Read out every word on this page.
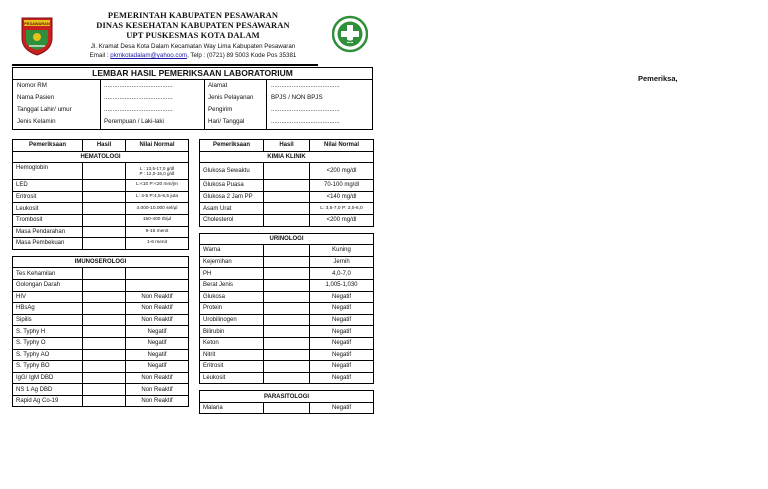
PESAWARAN
PEMERINTAH KABUPATEN PESAWARAN
DINAS KESEHATAN KABUPATEN PESAWARAN
UPT PUSKESMAS KOTA DALAM
Jl. Kramat Desa Kota Dalam Kecamatan Way Lima Kabupaten Pesawaran
Email : pkmkotadalam@yahoo.com, Telp : (0721) 89 5003 Kode Pos 35381
Pemeriksa,
LEMBAR HASIL PEMERIKSAAN LABORATORIUM
Nomor RM	........................................	Alamat	........................................
Nama Pasien	........................................	Jenis Pelayanan	BPJS / NON BPJS
Tanggal Lahir/ umur	........................................	Pengirim	........................................
Jenis Kelamin	Perempuan / Laki-laki	Hari/ Tanggal	........................................
Pemeriksaan	Hasil	Nilai Normal
HEMATOLOGI		
Hemoglobin		L : 13,5-17,0 g/dl
P : 12,0-15,0 g/dl
LED		L:<10 P:<20 mm/jm
Eritrosit		L: 4-5 P:4,5-5,5 juta
Leukosit		4.000-10.000 sel/µl
Trombosit		150-400 rb/µl
Masa Pendarahan		9-15 menit
Masa Pembekuan		1-6 menit

IMUNOSEROLOGI		
Tes Kehamilan		
Golongan Darah		
HIV		Non Reaktif
HBsAg		Non Reaktif
Sipilis		Non Reaktif
S. Typhy H		Negatif
S. Typhy O		Negatif
S. Typhy AO		Negatif
S. Typhy BO		Negatif
IgG/ IgM DBD		Non Reaktif
NS 1 Ag DBD		Non Reaktif
Rapid Ag Co-19		Non Reaktif
Pemeriksaan	Hasil	Nilai Normal
KIMIA KLINIK		
Glukosa Sewaktu		<200 mg/dl
Glukosa Puasa		70-100 mg/dl
Glukosa 2 Jam PP		<140 mg/dl
Asam Urat		L: 3,5-7,0 P: 2,0-6,0
Cholesterol		<200 mg/dl

URINOLOGI		
Warna		Kuning
Kejernihan		Jernih
PH		4,0-7,0
Berat Jenis		1,005-1,030
Glukosa		Negatif
Protein		Negatif
Urobilinogen		Negatif
Bilirubin		Negatif
Keton		Negatif
Nitrit		Negatif
Eritrosit		Negatif
Leukosit		Negatif

PARASITOLOGI		
Malaria		Negatif
